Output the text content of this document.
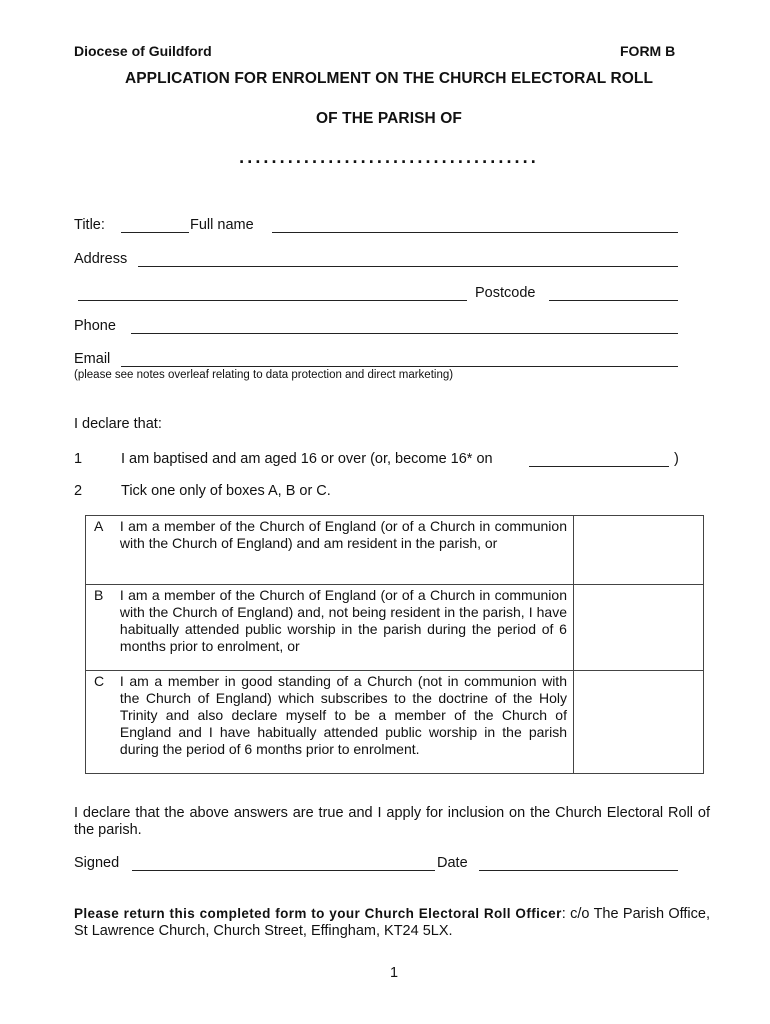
Diocese of Guildford	FORM B
APPLICATION FOR ENROLMENT ON THE CHURCH ELECTORAL ROLL
OF THE PARISH OF
.....................................
Title:	Full name
Address
Postcode
Phone
Email
(please see notes overleaf relating to data protection and direct marketing)
I declare that:
1	I am baptised and am aged 16 or over (or, become 16* on	)
2	Tick one only of boxes A, B or C.
A	I am a member of the Church of England (or of a Church in communion with the Church of England) and am resident in the parish, or	
B	I am a member of the Church of England (or of a Church in communion with the Church of England) and, not being resident in the parish, I have habitually attended public worship in the parish during the period of 6 months prior to enrolment, or	
C	I am a member in good standing of a Church (not in communion with the Church of England) which subscribes to the doctrine of the Holy Trinity and also declare myself to be a member of the Church of England and I have habitually attended public worship in the parish during the period of 6 months prior to enrolment.	
I declare that the above answers are true and I apply for inclusion on the Church Electoral Roll of the parish.
Signed	Date
Please return this completed form to your Church Electoral Roll Officer: c/o The Parish Office, St Lawrence Church, Church Street, Effingham, KT24 5LX.
1
